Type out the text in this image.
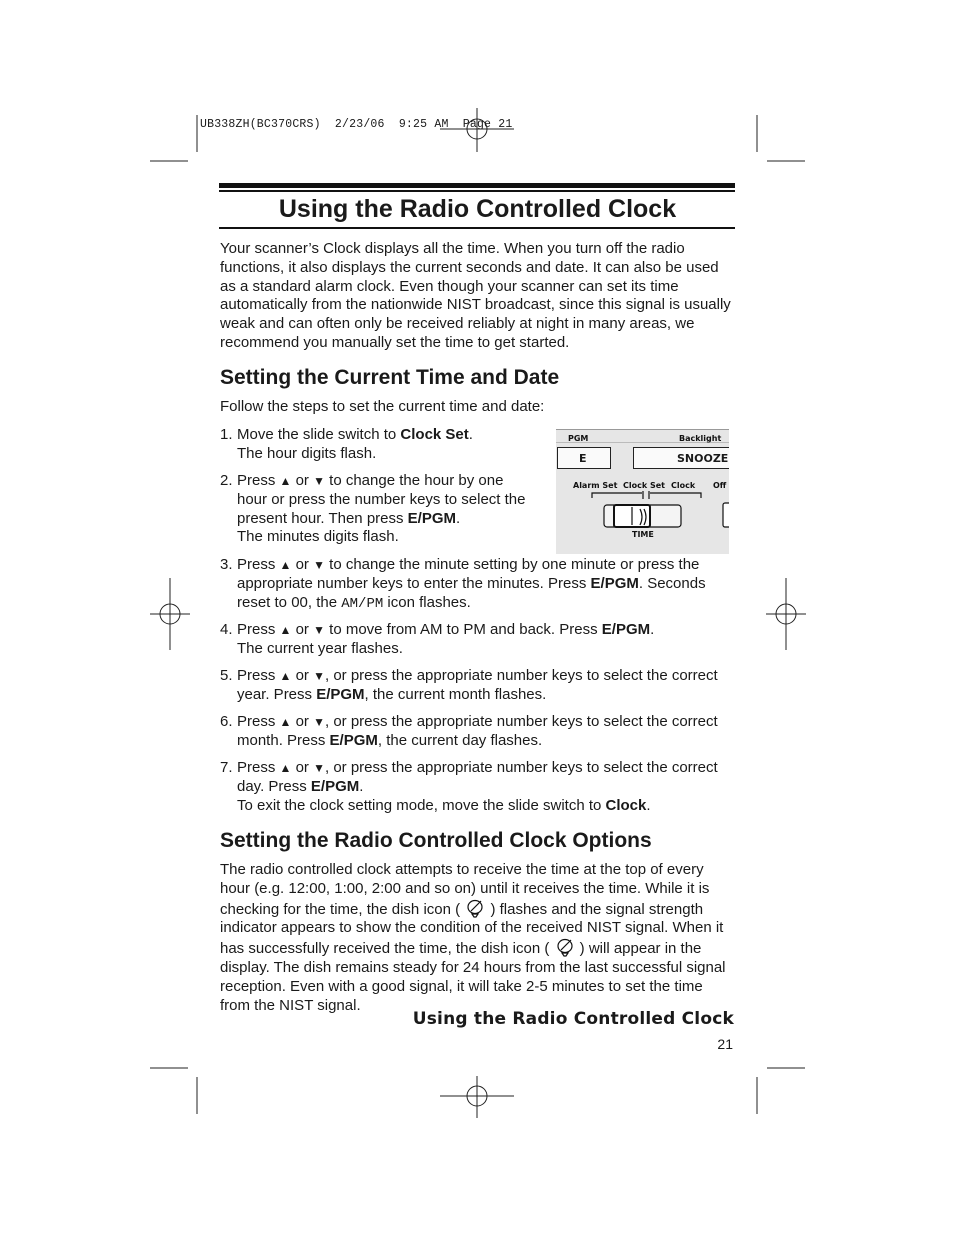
UB338ZH(BC370CRS)  2/23/06  9:25 AM  Page 21
Using the Radio Controlled Clock
Your scanner’s Clock displays all the time. When you turn off the radio functions, it also displays the current seconds and date. It can also be used as a standard alarm clock. Even though your scanner can set its time automatically from the nationwide NIST broadcast, since this signal is usually weak and can often only be received reliably at night in many areas, we recommend you manually set the time to get started.
Setting the Current Time and Date
Follow the steps to set the current time and date:
1. Move the slide switch to Clock Set.
The hour digits flash.
2. Press ▲ or ▼ to change the hour by one hour or press the number keys to select the present hour. Then press E/PGM.
The minutes digits flash.
PGM	Backlight
E	SNOOZE
Alarm Set Clock Set Clock Off
TIME
3. Press ▲ or ▼ to change the minute setting by one minute or press the appropriate number keys to enter the minutes. Press E/PGM. Seconds reset to 00, the AM/PM icon flashes.
4. Press ▲ or ▼ to move from AM to PM and back. Press E/PGM.
The current year flashes.
5. Press ▲ or ▼, or press the appropriate number keys to select the correct year. Press E/PGM, the current month flashes.
6. Press ▲ or ▼, or press the appropriate number keys to select the correct month. Press E/PGM, the current day flashes.
7. Press ▲ or ▼, or press the appropriate number keys to select the correct day. Press E/PGM.
To exit the clock setting mode, move the slide switch to Clock.
Setting the Radio Controlled Clock Options
The radio controlled clock attempts to receive the time at the top of every hour (e.g. 12:00, 1:00, 2:00 and so on) until it receives the time. While it is checking for the time, the dish icon ( ) flashes and the signal strength indicator appears to show the condition of the received NIST signal. When it has successfully received the time, the dish icon ( ) will appear in the display. The dish remains steady for 24 hours from the last successful signal reception. Even with a good signal, it will take 2-5 minutes to set the time from the NIST signal.
Using the Radio Controlled Clock
21
